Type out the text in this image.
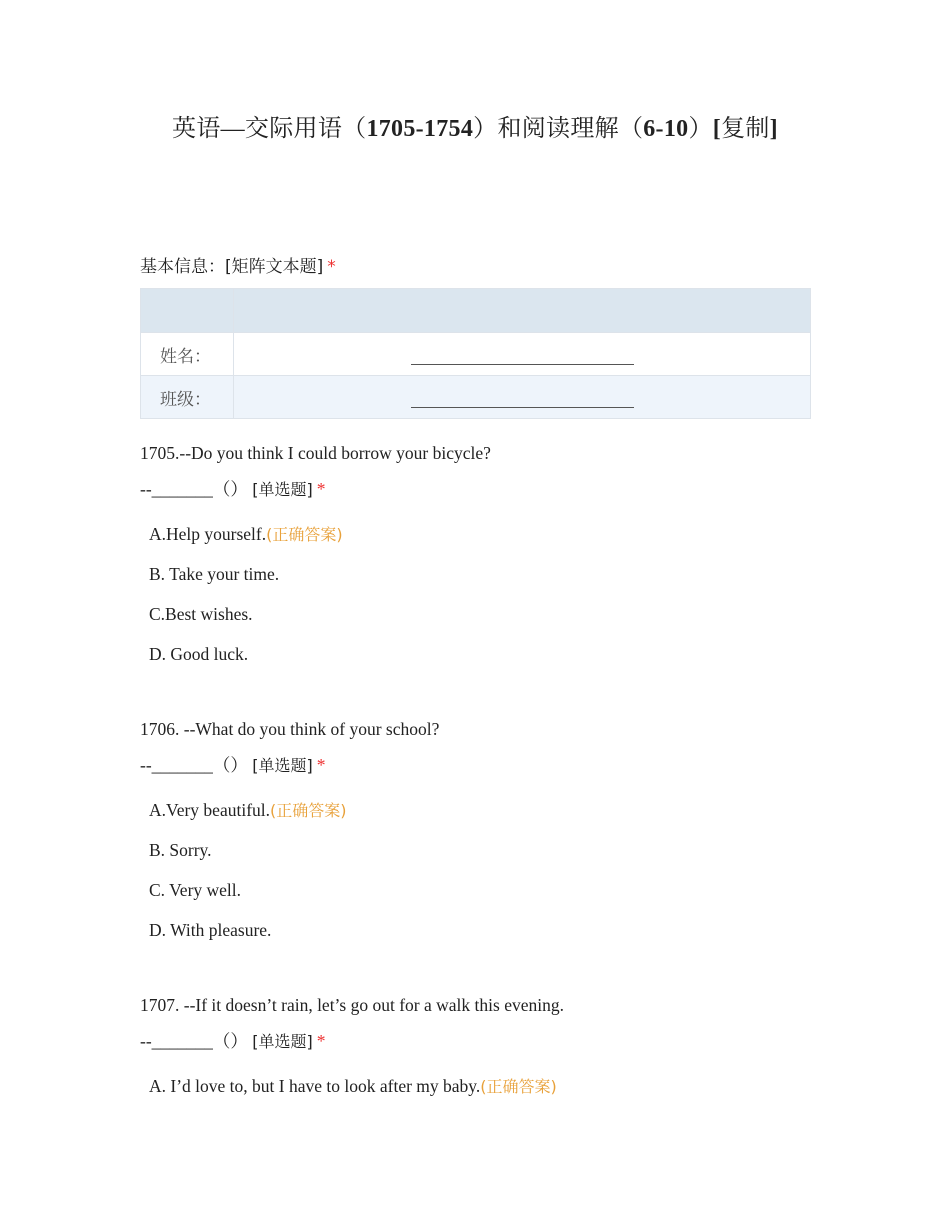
英语—交际用语（1705-1754）和阅读理解（6-10）[复制]
基本信息：[矩阵文本题] *

姓名：	
班级：	
1705.--Do you think I could borrow your bicycle?
--_______（） [单选题] *
A.Help yourself.(正确答案)
B. Take your time.
C.Best wishes.
D. Good luck.
1706. --What do you think of your school?
--_______（） [单选题] *
A.Very beautiful.(正确答案)
B. Sorry.
C. Very well.
D. With pleasure.
1707. --If it doesn’t rain, let’s go out for a walk this evening.
--_______（） [单选题] *
A. I’d love to, but I have to look after my baby.(正确答案)
